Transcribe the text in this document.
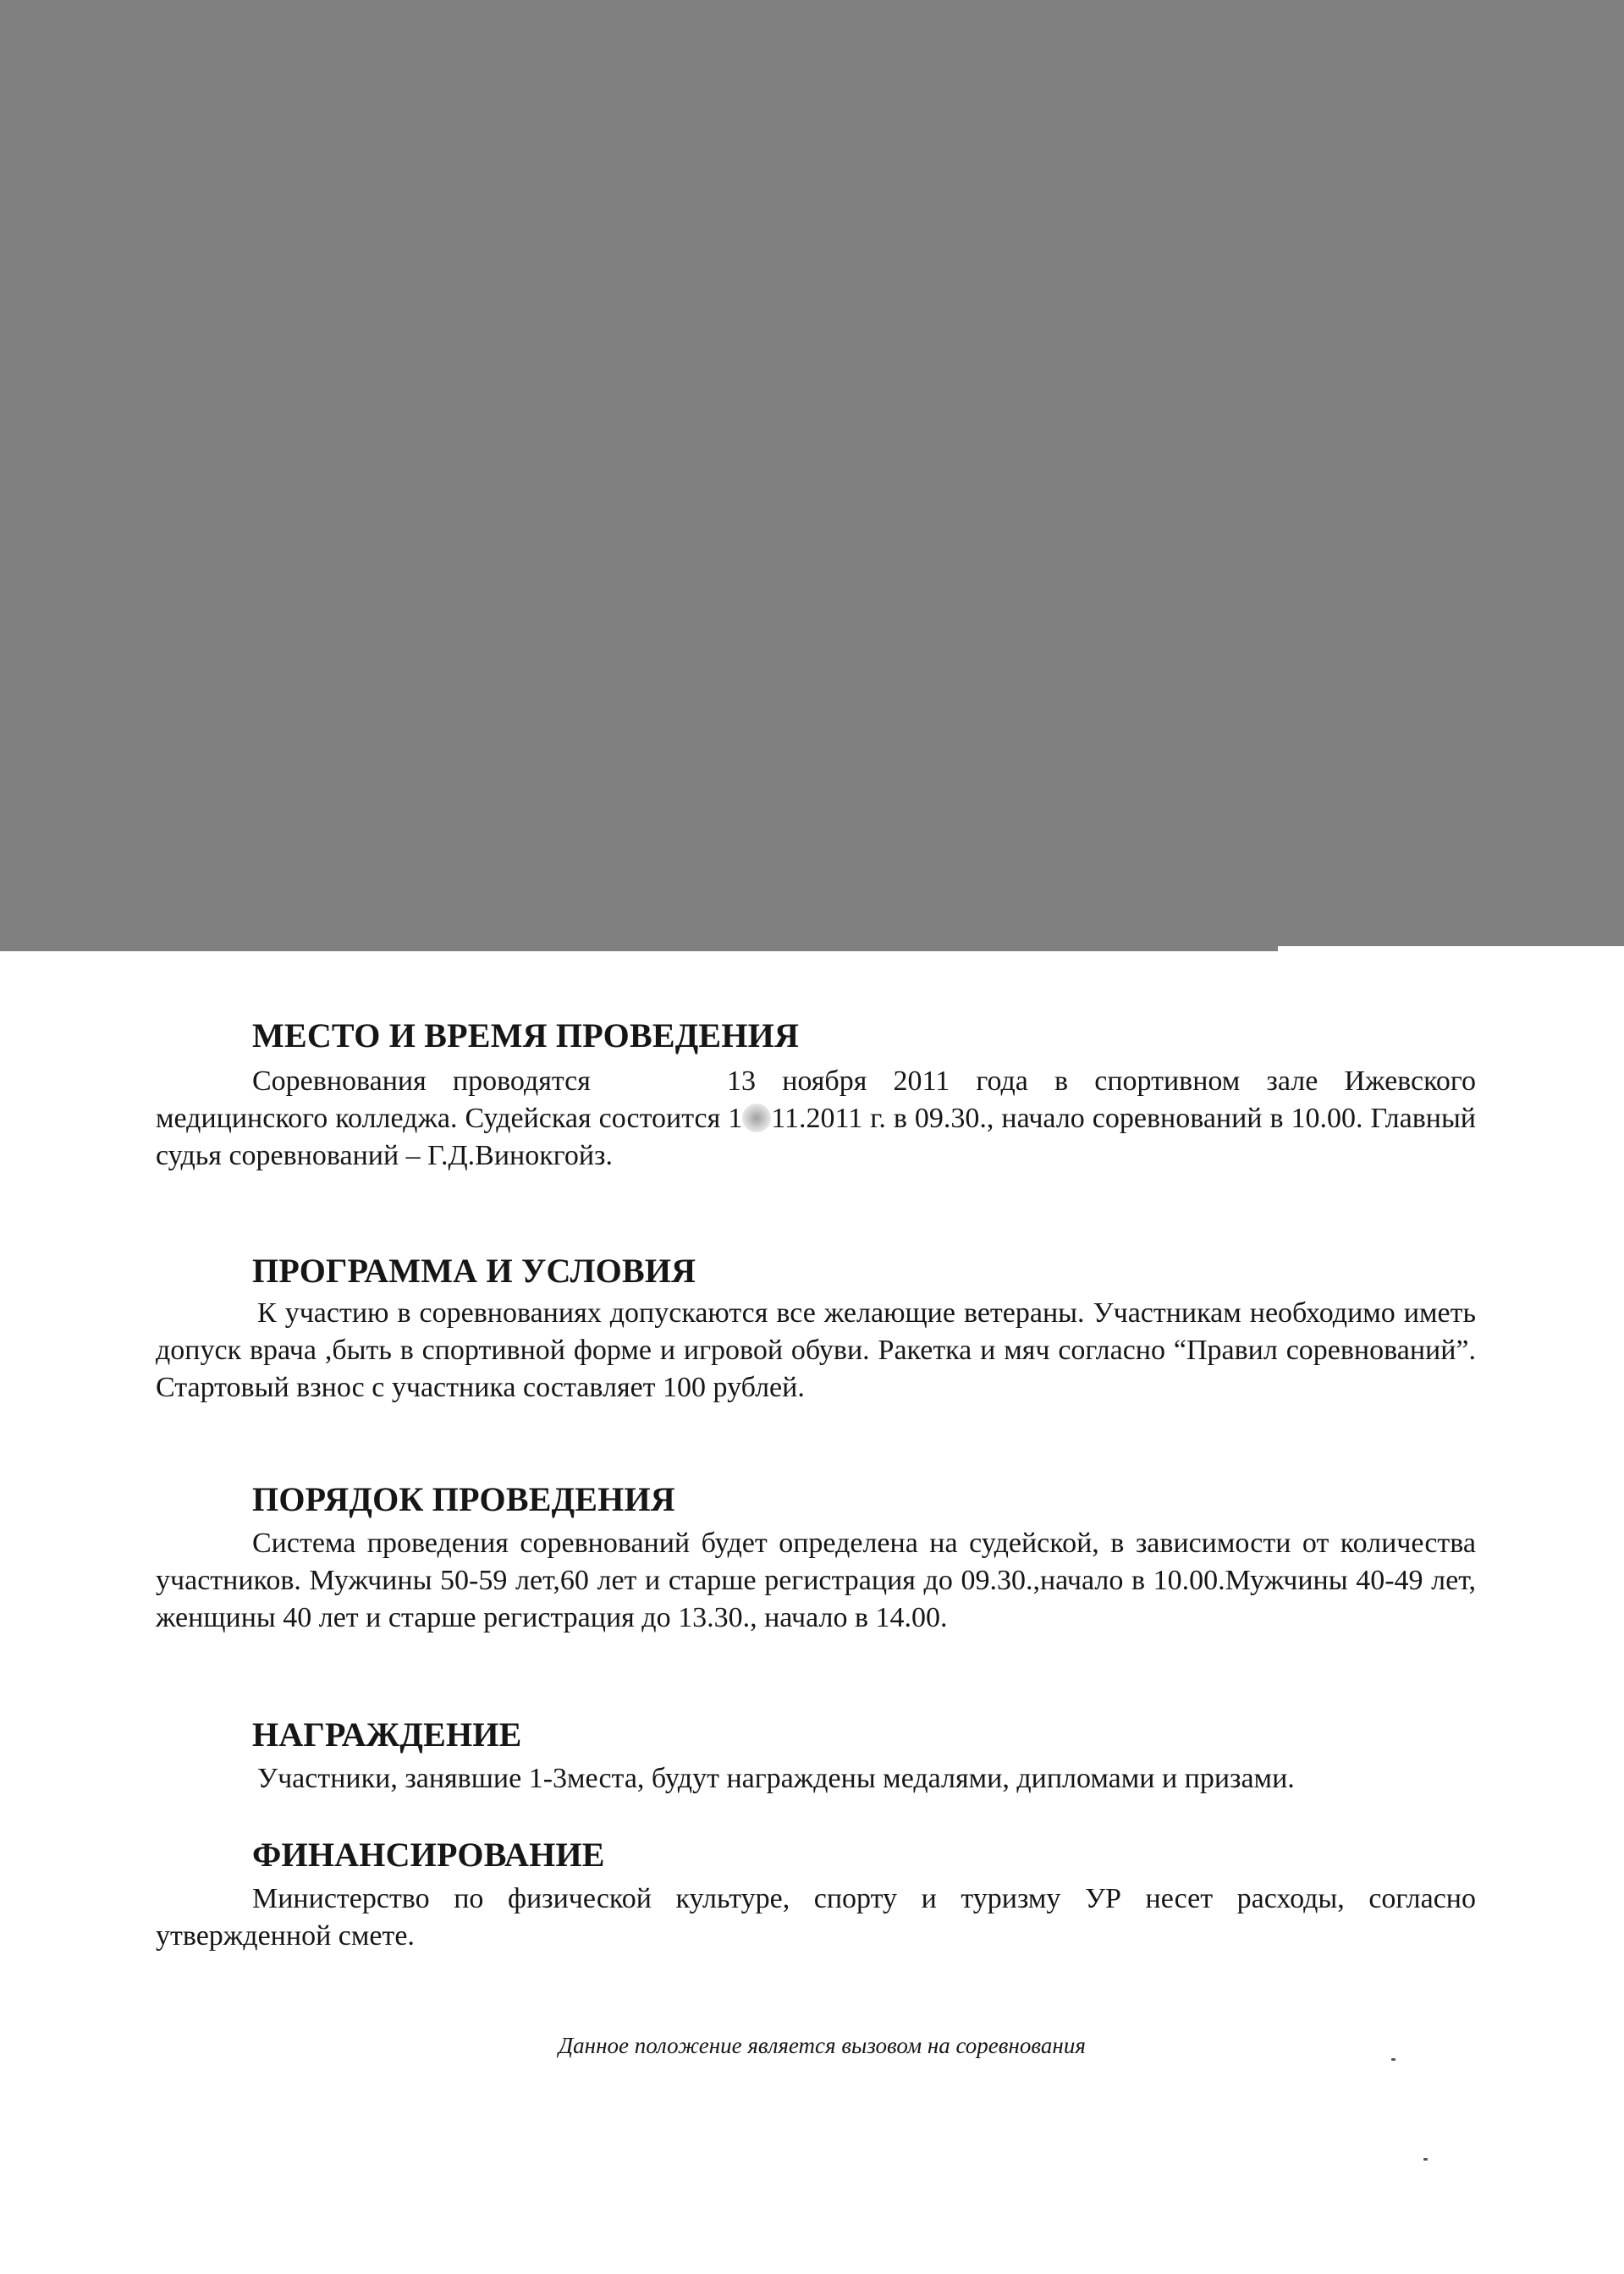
МЕСТО И ВРЕМЯ ПРОВЕДЕНИЯ

Соревнования проводятся	13 ноября 2011 года в спортивном зале Ижевского медицинского колледжа. Судейская состоится 1 11.2011 г. в 09.30., начало соревнований в 10.00. Главный судья соревнований – Г.Д.Винокгойз.

ПРОГРАММА И УСЛОВИЯ

К участию в соревнованиях допускаются все желающие ветераны. Участникам необходимо иметь допуск врача ,быть в спортивной форме и игровой обуви. Ракетка и мяч согласно “Правил соревнований”. Стартовый взнос с участника составляет 100 рублей.

ПОРЯДОК ПРОВЕДЕНИЯ

Система проведения соревнований будет определена на судейской, в зависимости от количества участников. Мужчины 50-59 лет,60 лет и старше регистрация до 09.30.,начало в 10.00.Мужчины 40-49 лет, женщины 40 лет и старше регистрация до 13.30., начало в 14.00.

НАГРАЖДЕНИЕ

Участники, занявшие 1-3места, будут награждены медалями, дипломами и призами.

ФИНАНСИРОВАНИЕ

Министерство по физической культуре, спорту и туризму УР несет расходы, согласно утвержденной смете.

Данное положение является вызовом на соревнования
